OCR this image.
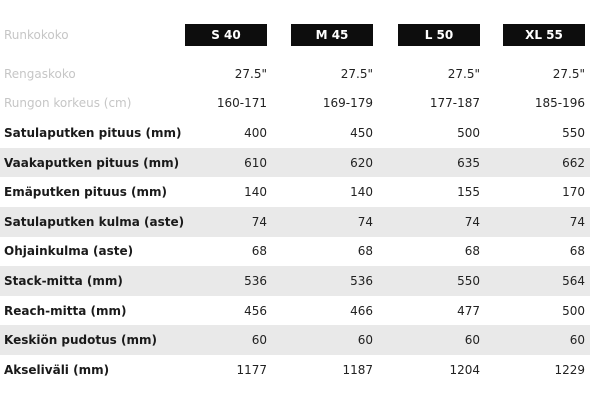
Runkokoko	S 40	M 45	L 50	XL 55
Rengaskoko	27.5"	27.5"	27.5"	27.5"
Rungon korkeus (cm)	160-171	169-179	177-187	185-196
Satulaputken pituus (mm)	400	450	500	550
Vaakaputken pituus (mm)	610	620	635	662
Emäputken pituus (mm)	140	140	155	170
Satulaputken kulma (aste)	74	74	74	74
Ohjainkulma (aste)	68	68	68	68
Stack-mitta (mm)	536	536	550	564
Reach-mitta (mm)	456	466	477	500
Keskiön pudotus (mm)	60	60	60	60
Akseliväli (mm)	1177	1187	1204	1229
